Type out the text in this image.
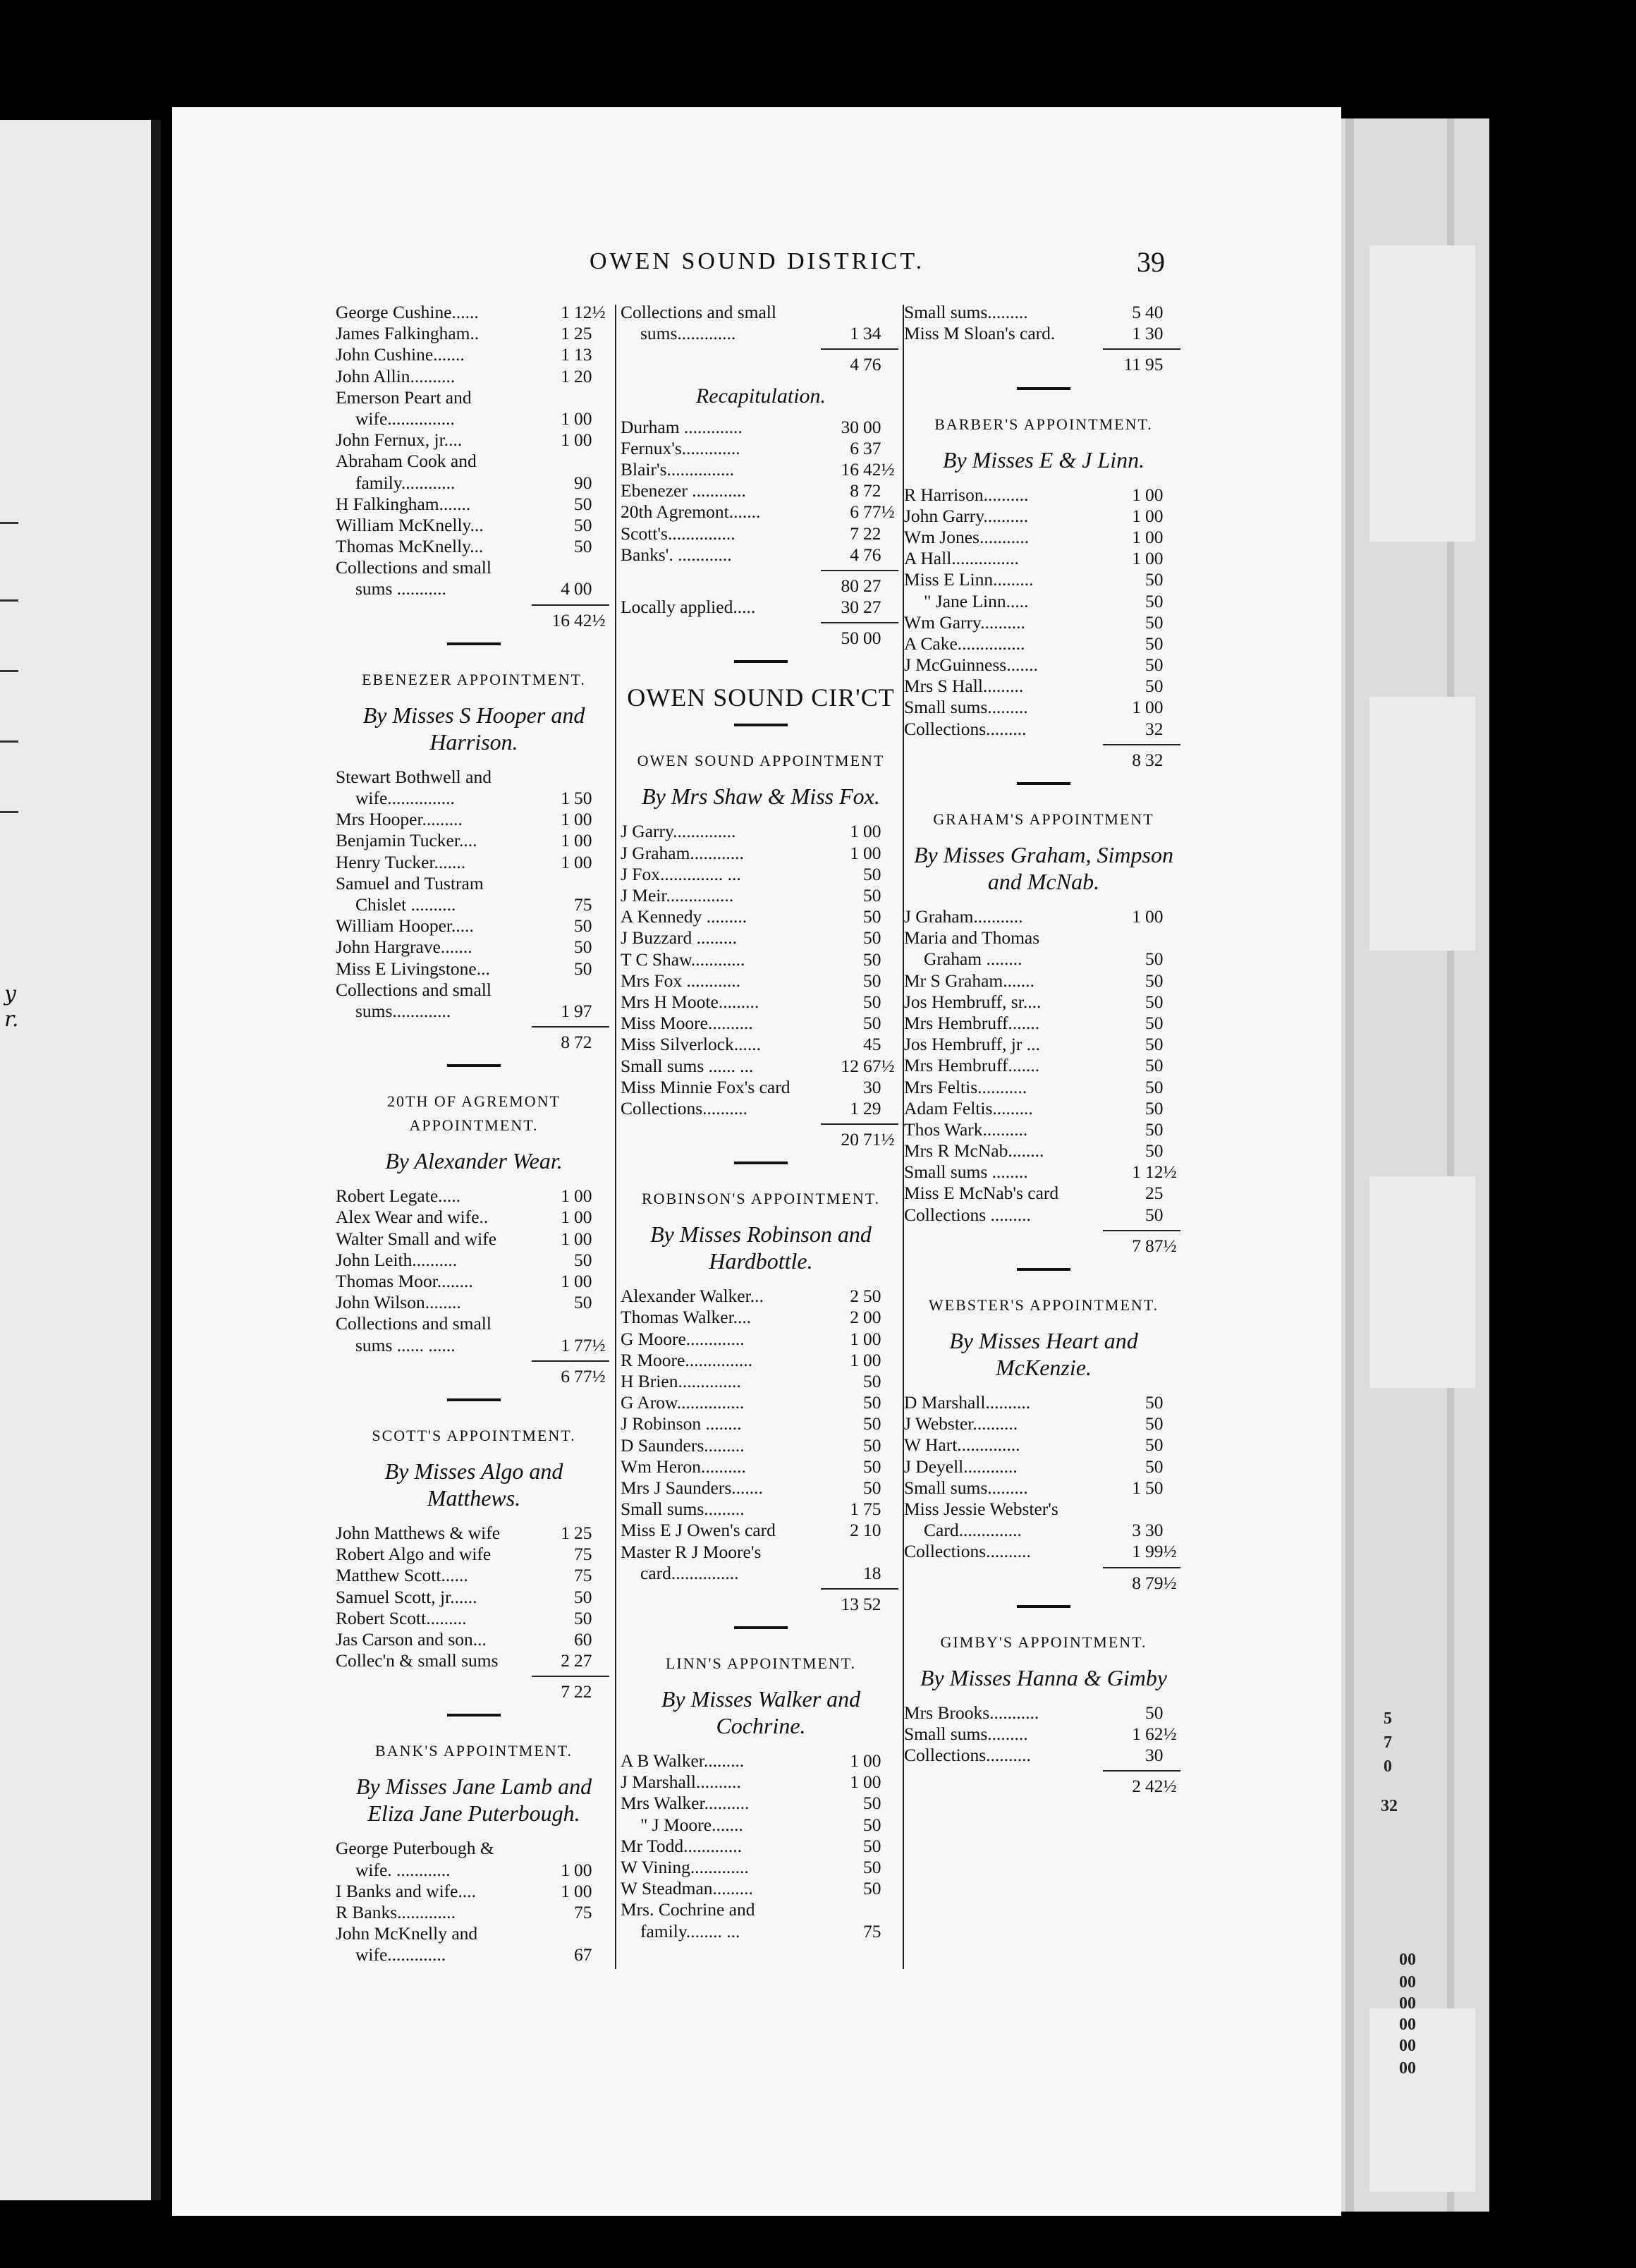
y
r.
5
7
0
32
00
00
00
00
00
00
OWEN SOUND DISTRICT.	39
George Cushine......	1 12½
James Falkingham..	1 25
John Cushine.......	1 13
John Allin..........	1 20
Emerson Peart and
wife...............	1 00
John Fernux, jr....	1 00
Abraham Cook and
family............	90
H Falkingham.......	50
William McKnelly...	50
Thomas McKnelly...	50
Collections and small
sums ...........	4 00
16 42½
EBENEZER APPOINTMENT.
By Misses S Hooper and Harrison.
Stewart Bothwell and
wife...............	1 50
Mrs Hooper.........	1 00
Benjamin Tucker....	1 00
Henry Tucker.......	1 00
Samuel and Tustram
Chislet ..........	75
William Hooper.....	50
John Hargrave.......	50
Miss E Livingstone...	50
Collections and small
sums.............	1 97
8 72
20TH OF AGREMONT APPOINTMENT.
By Alexander Wear.
Robert Legate.....	1 00
Alex Wear and wife..	1 00
Walter Small and wife	1 00
John Leith..........	50
Thomas Moor........	1 00
John Wilson........	50
Collections and small
sums ...... ......	1 77½
6 77½
SCOTT'S APPOINTMENT.
By Misses Algo and Matthews.
John Matthews & wife	1 25
Robert Algo and wife	75
Matthew Scott......	75
Samuel Scott, jr......	50
Robert Scott.........	50
Jas Carson and son...	60
Collec'n & small sums	2 27
7 22
BANK'S APPOINTMENT.
By Misses Jane Lamb and Eliza Jane Puterbough.
George Puterbough &
wife. ............	1 00
I Banks and wife....	1 00
R Banks.............	75
John McKnelly and
wife.............	67
Collections and small
sums.............	1 34
4 76
Recapitulation.
Durham .............	30 00
Fernux's.............	6 37
Blair's...............	16 42½
Ebenezer ............	8 72
20th Agremont.......	6 77½
Scott's...............	7 22
Banks'. ............	4 76
80 27
Locally applied.....	30 27
50 00
OWEN SOUND CIR'CT
OWEN SOUND APPOINTMENT
By Mrs Shaw & Miss Fox.
J Garry..............	1 00
J Graham............	1 00
J Fox.............. ...	50
J Meir...............	50
A Kennedy .........	50
J Buzzard .........	50
T C Shaw............	50
Mrs Fox ............	50
Mrs H Moote.........	50
Miss Moore..........	50
Miss Silverlock......	45
Small sums ...... ...	12 67½
Miss Minnie Fox's card	30
Collections..........	1 29
20 71½
ROBINSON'S APPOINTMENT.
By Misses Robinson and Hardbottle.
Alexander Walker...	2 50
Thomas Walker....	2 00
G Moore.............	1 00
R Moore...............	1 00
H Brien..............	50
G Arow...............	50
J Robinson ........	50
D Saunders.........	50
Wm Heron..........	50
Mrs J Saunders.......	50
Small sums.........	1 75
Miss E J Owen's card	2 10
Master R J Moore's
card...............	18
13 52
LINN'S APPOINTMENT.
By Misses Walker and Cochrine.
A B Walker.........	1 00
J Marshall..........	1 00
Mrs Walker..........	50
" J Moore.......	50
Mr Todd.............	50
W Vining.............	50
W Steadman.........	50
Mrs. Cochrine and
family........ ...	75
Small sums.........	5 40
Miss M Sloan's card.	1 30
11 95
BARBER'S APPOINTMENT.
By Misses E & J Linn.
R Harrison..........	1 00
John Garry..........	1 00
Wm Jones...........	1 00
A Hall...............	1 00
Miss E Linn.........	50
" Jane Linn.....	50
Wm Garry..........	50
A Cake...............	50
J McGuinness.......	50
Mrs S Hall.........	50
Small sums.........	1 00
Collections.........	32
8 32
GRAHAM'S APPOINTMENT
By Misses Graham, Simpson and McNab.
J Graham...........	1 00
Maria and Thomas
Graham ........	50
Mr S Graham.......	50
Jos Hembruff, sr....	50
Mrs Hembruff.......	50
Jos Hembruff, jr ...	50
Mrs Hembruff.......	50
Mrs Feltis...........	50
Adam Feltis.........	50
Thos Wark..........	50
Mrs R McNab........	50
Small sums ........	1 12½
Miss E McNab's card	25
Collections .........	50
7 87½
WEBSTER'S APPOINTMENT.
By Misses Heart and McKenzie.
D Marshall..........	50
J Webster..........	50
W Hart..............	50
J Deyell............	50
Small sums.........	1 50
Miss Jessie Webster's
Card..............	3 30
Collections..........	1 99½
8 79½
GIMBY'S APPOINTMENT.
By Misses Hanna & Gimby
Mrs Brooks...........	50
Small sums.........	1 62½
Collections..........	30
2 42½
